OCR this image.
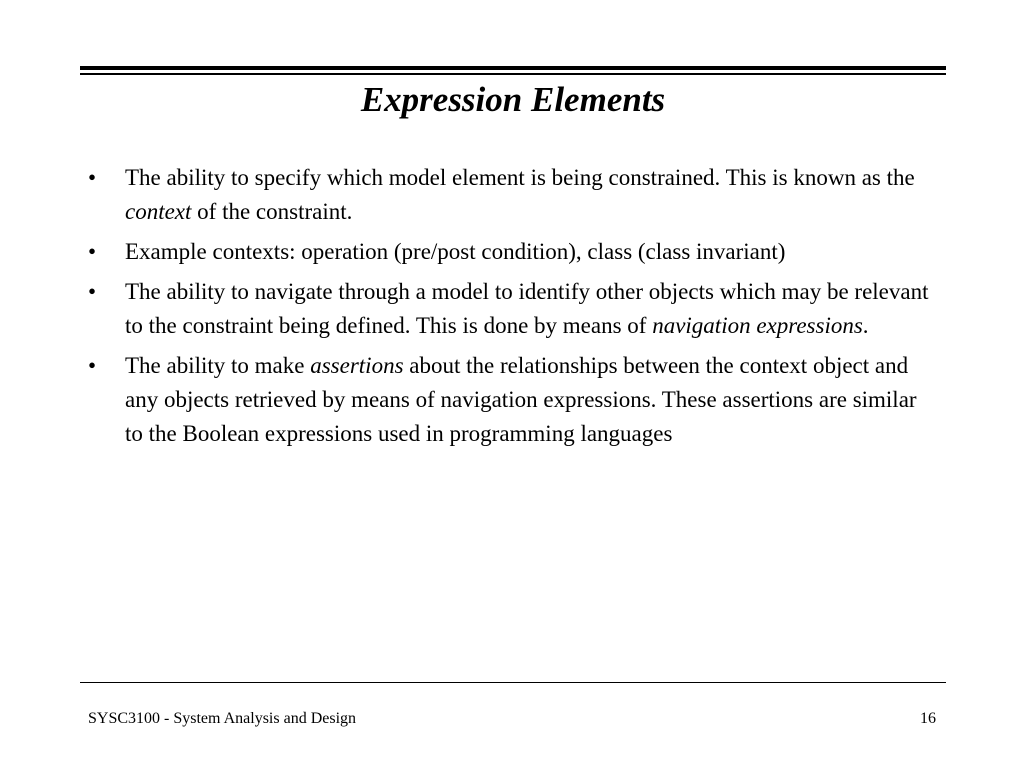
Expression Elements
• The ability to specify which model element is being constrained. This is known as the context of the constraint.
• Example contexts: operation (pre/post condition), class (class invariant)
• The ability to navigate through a model to identify other objects which may be relevant to the constraint being defined. This is done by means of navigation expressions.
• The ability to make assertions about the relationships between the context object and any objects retrieved by means of navigation expressions. These assertions are similar to the Boolean expressions used in programming languages
SYSC3100 - System Analysis and Design	16
